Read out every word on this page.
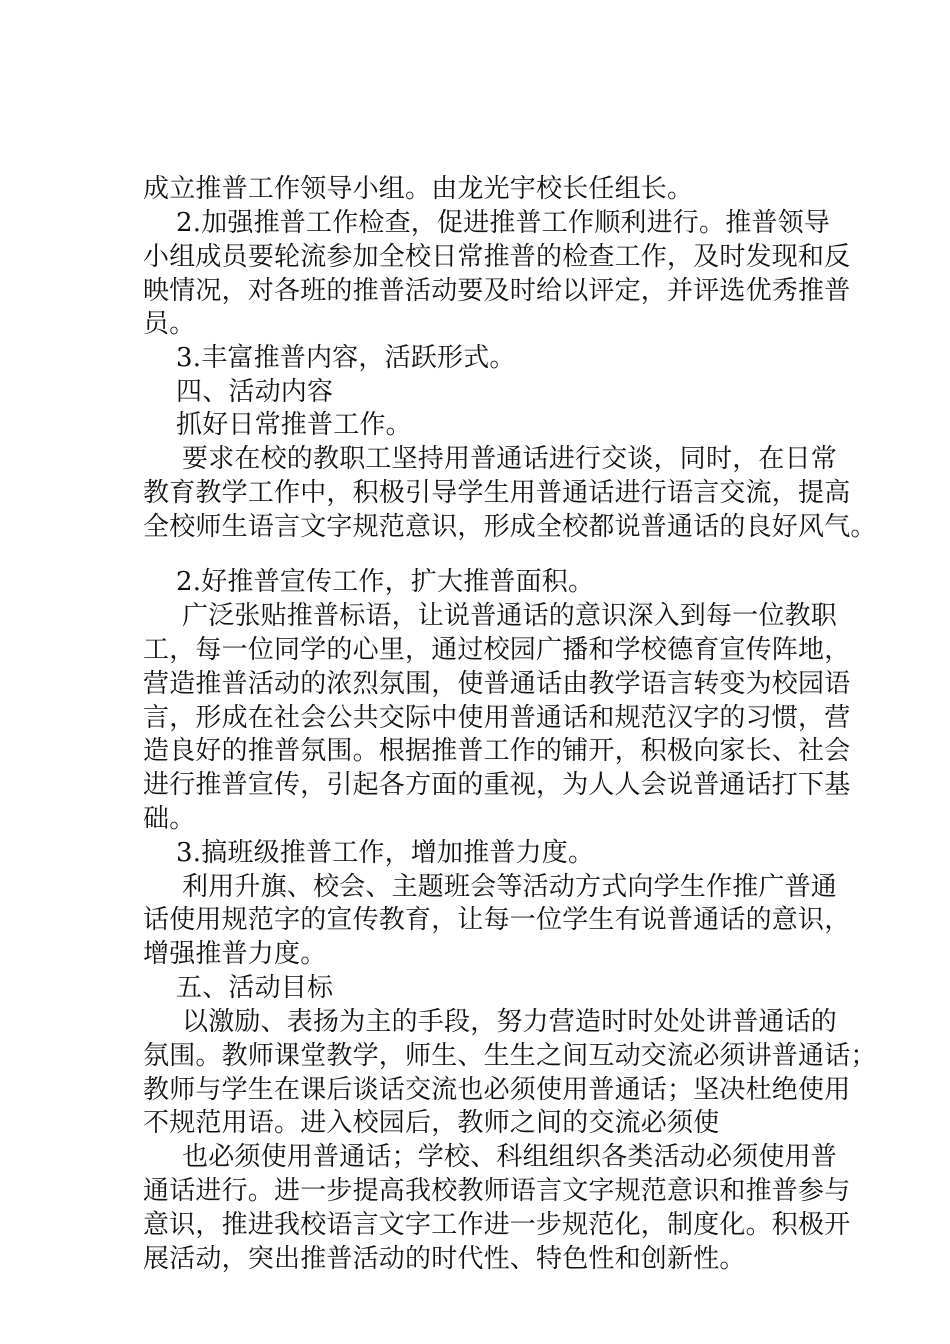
成立推普工作领导小组。由龙光宇校长任组长。

2.加强推普工作检查，促进推普工作顺利进行。推普领导

小组成员要轮流参加全校日常推普的检查工作，及时发现和反

映情况，对各班的推普活动要及时给以评定，并评选优秀推普

员。

3.丰富推普内容，活跃形式。

四、活动内容

抓好日常推普工作。

要求在校的教职工坚持用普通话进行交谈，同时，在日常

教育教学工作中，积极引导学生用普通话进行语言交流，提高

全校师生语言文字规范意识，形成全校都说普通话的良好风气。

2.好推普宣传工作，扩大推普面积。

广泛张贴推普标语，让说普通话的意识深入到每一位教职

工，每一位同学的心里，通过校园广播和学校德育宣传阵地，

营造推普活动的浓烈氛围，使普通话由教学语言转变为校园语

言，形成在社会公共交际中使用普通话和规范汉字的习惯，营

造良好的推普氛围。根据推普工作的铺开，积极向家长、社会

进行推普宣传，引起各方面的重视，为人人会说普通话打下基

础。

3.搞班级推普工作，增加推普力度。

利用升旗、校会、主题班会等活动方式向学生作推广普通

话使用规范字的宣传教育，让每一位学生有说普通话的意识，

增强推普力度。

五、活动目标

以激励、表扬为主的手段，努力营造时时处处讲普通话的

氛围。教师课堂教学，师生、生生之间互动交流必须讲普通话；

教师与学生在课后谈话交流也必须使用普通话；坚决杜绝使用

不规范用语。进入校园后，教师之间的交流必须使

也必须使用普通话；学校、科组组织各类活动必须使用普

通话进行。进一步提高我校教师语言文字规范意识和推普参与

意识，推进我校语言文字工作进一步规范化，制度化。积极开

展活动，突出推普活动的时代性、特色性和创新性。
